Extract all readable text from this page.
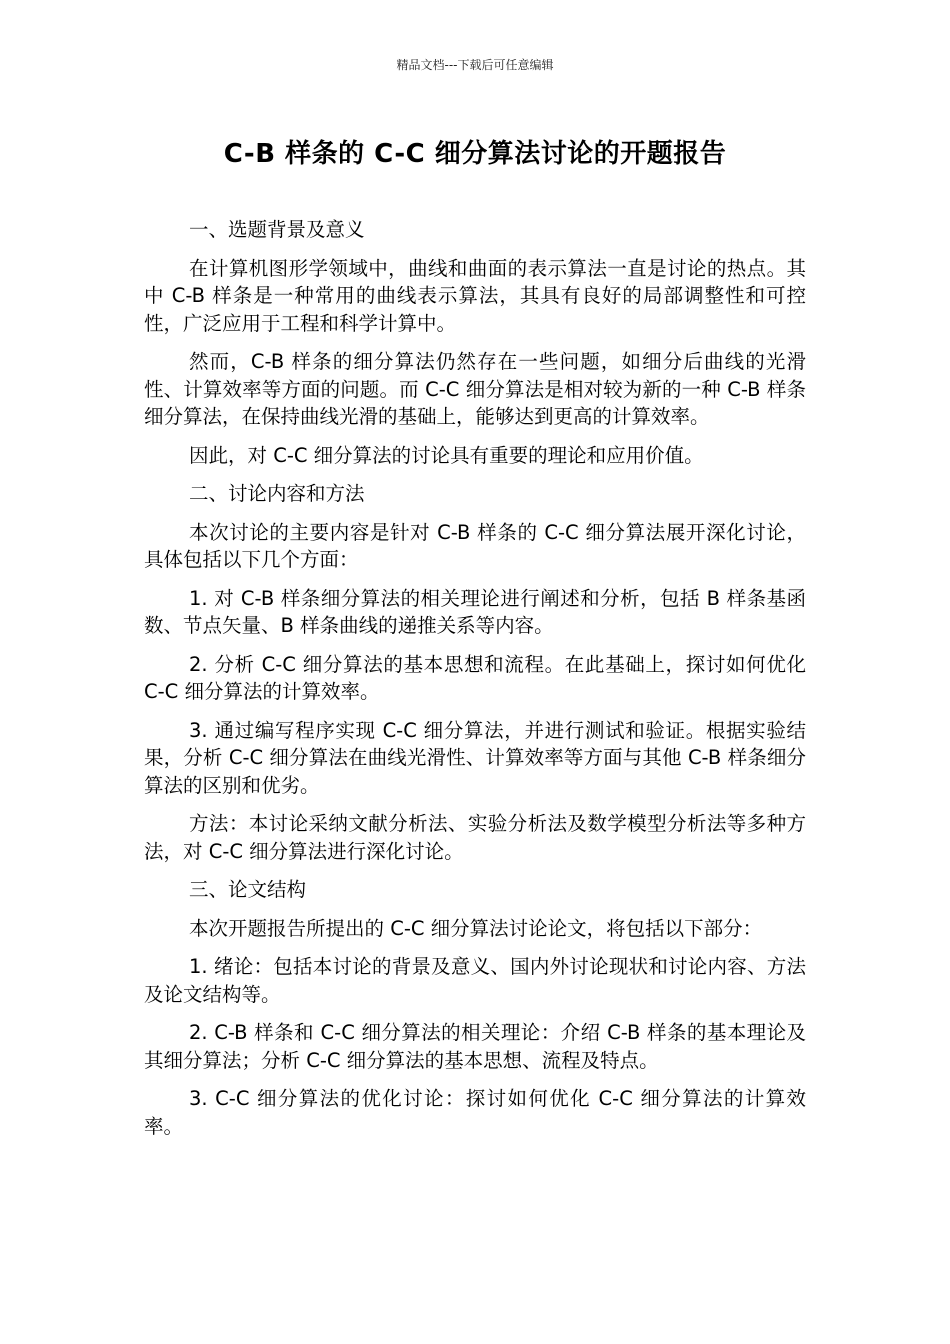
精品文档---下载后可任意编辑
C-B 样条的 C-C 细分算法讨论的开题报告

一、选题背景及意义

在计算机图形学领域中，曲线和曲面的表示算法一直是讨论的热点。其中 C-B 样条是一种常用的曲线表示算法，其具有良好的局部调整性和可控性，广泛应用于工程和科学计算中。

然而，C-B 样条的细分算法仍然存在一些问题，如细分后曲线的光滑性、计算效率等方面的问题。而 C-C 细分算法是相对较为新的一种 C-B 样条细分算法，在保持曲线光滑的基础上，能够达到更高的计算效率。

因此，对 C-C 细分算法的讨论具有重要的理论和应用价值。

二、讨论内容和方法

本次讨论的主要内容是针对 C-B 样条的 C-C 细分算法展开深化讨论，具体包括以下几个方面：

1. 对 C-B 样条细分算法的相关理论进行阐述和分析，包括 B 样条基函数、节点矢量、B 样条曲线的递推关系等内容。

2. 分析 C-C 细分算法的基本思想和流程。在此基础上，探讨如何优化 C-C 细分算法的计算效率。

3. 通过编写程序实现 C-C 细分算法，并进行测试和验证。根据实验结果，分析 C-C 细分算法在曲线光滑性、计算效率等方面与其他 C-B 样条细分算法的区别和优劣。

方法：本讨论采纳文献分析法、实验分析法及数学模型分析法等多种方法，对 C-C 细分算法进行深化讨论。

三、论文结构

本次开题报告所提出的 C-C 细分算法讨论论文，将包括以下部分：

1. 绪论：包括本讨论的背景及意义、国内外讨论现状和讨论内容、方法及论文结构等。

2. C-B 样条和 C-C 细分算法的相关理论：介绍 C-B 样条的基本理论及其细分算法；分析 C-C 细分算法的基本思想、流程及特点。

3. C-C 细分算法的优化讨论：探讨如何优化 C-C 细分算法的计算效率。
